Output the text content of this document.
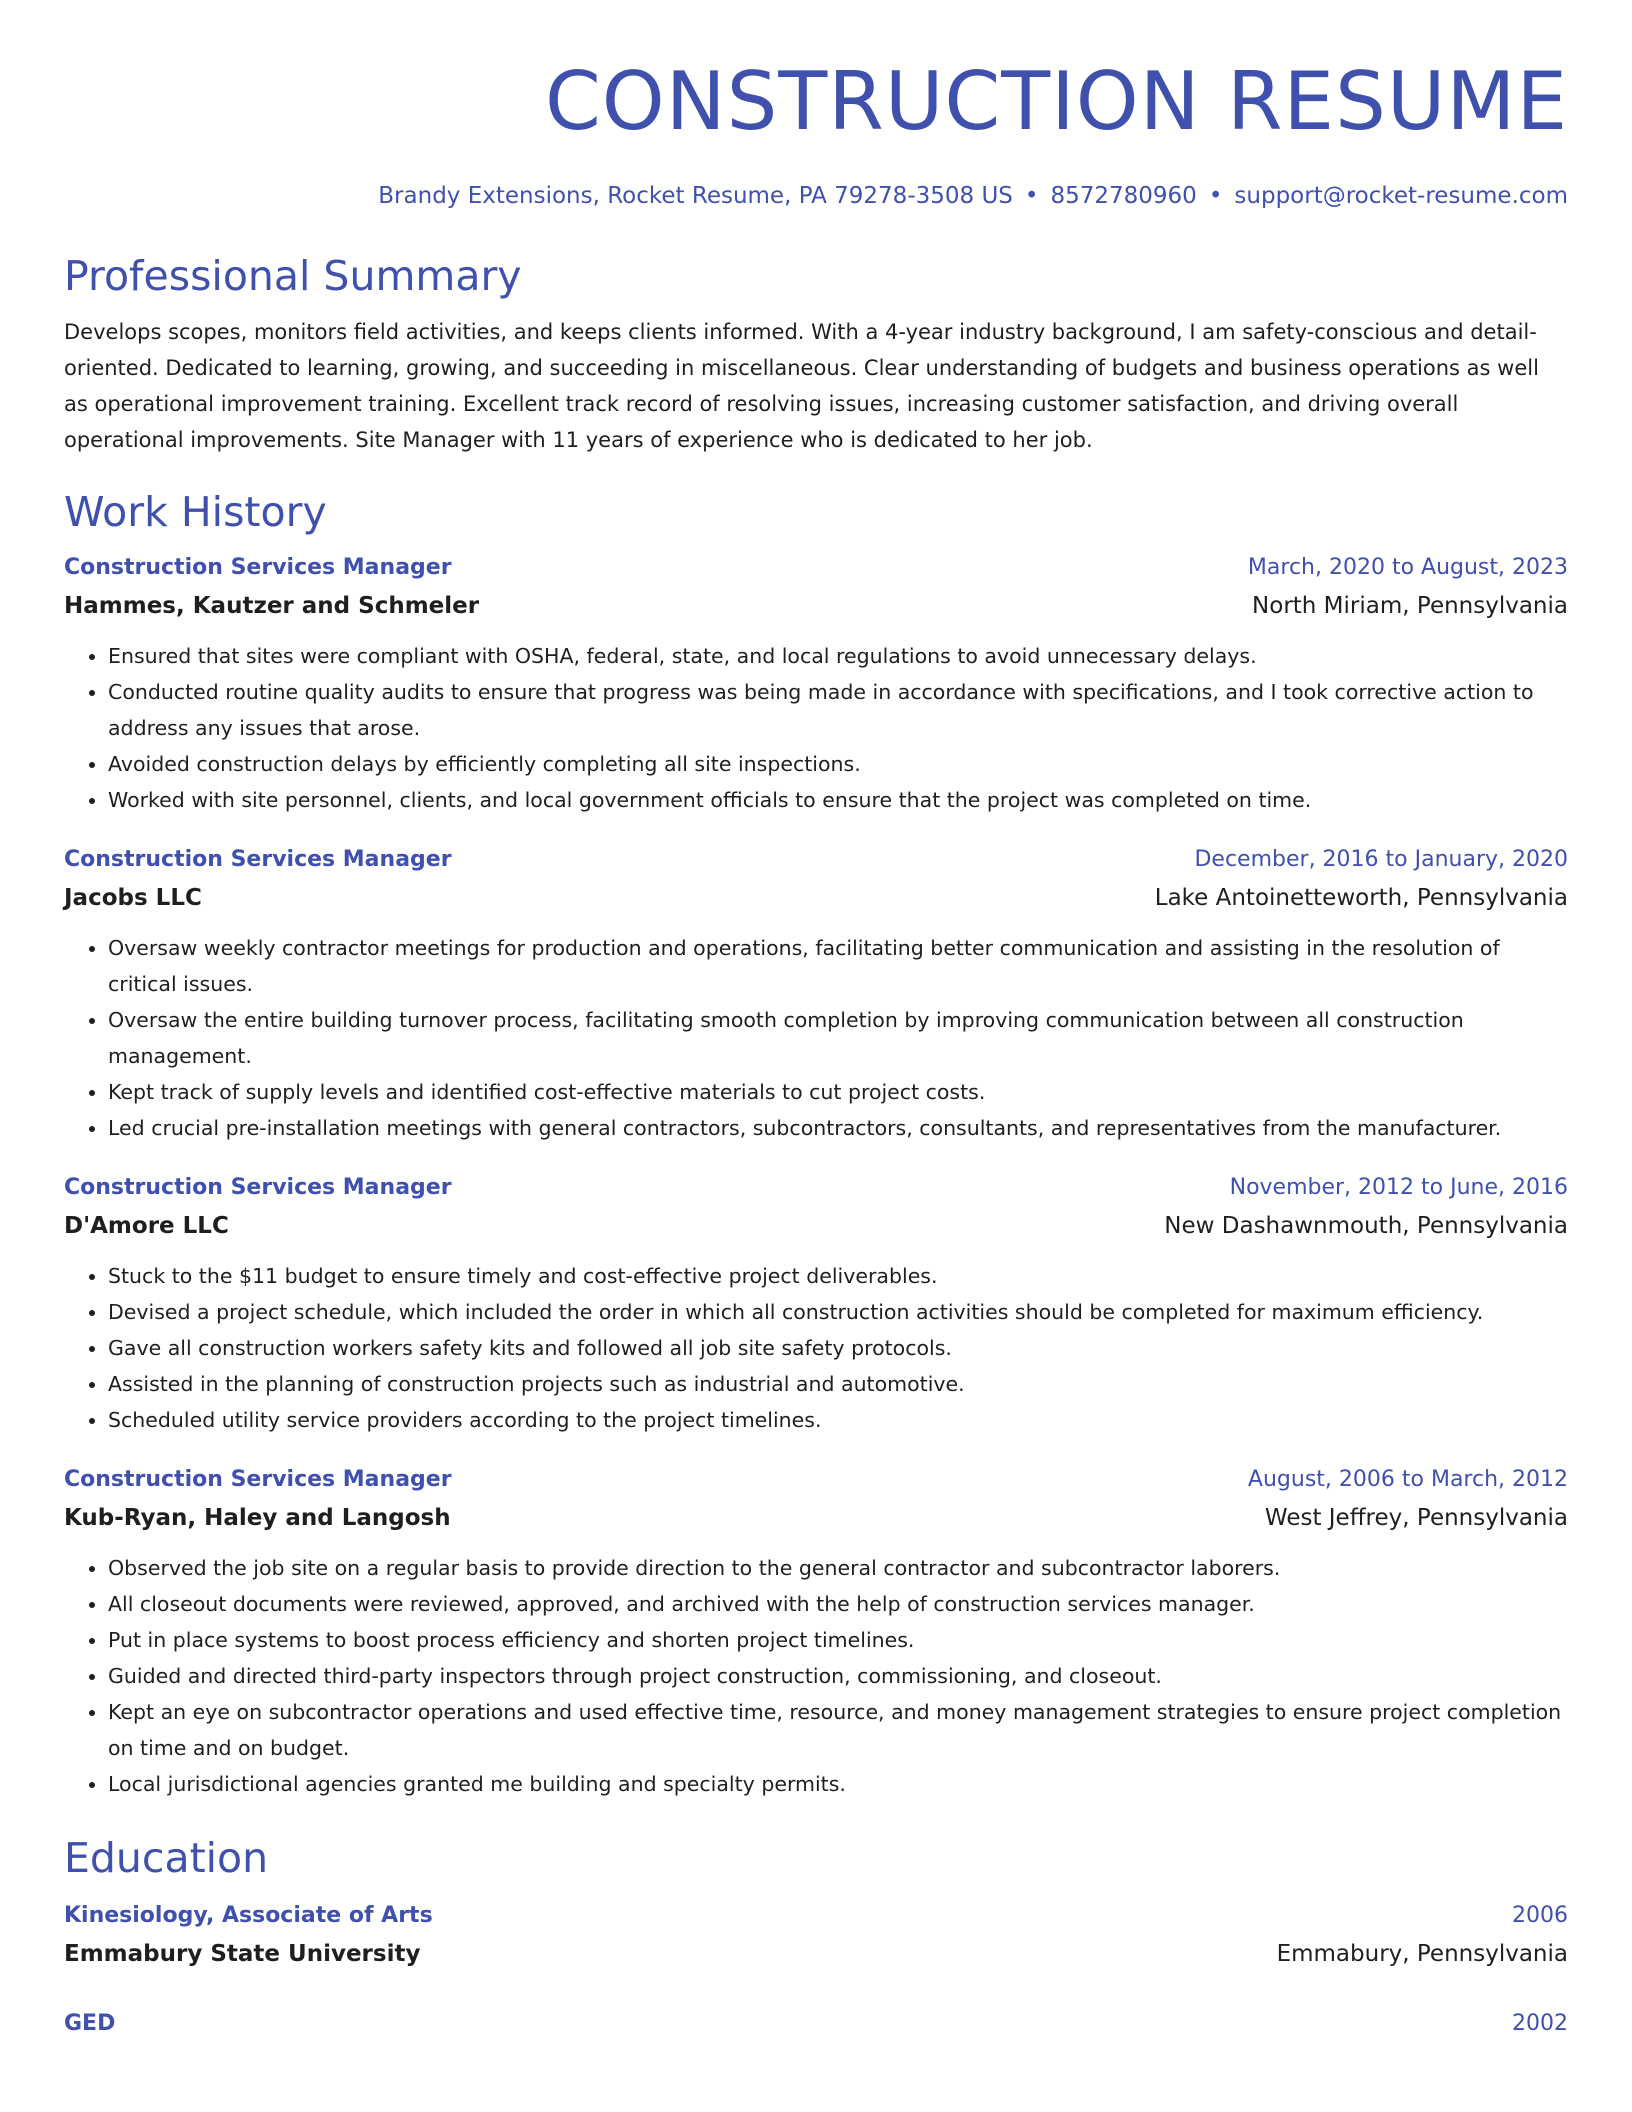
CONSTRUCTION RESUME
Brandy Extensions, Rocket Resume, PA 79278-3508 US • 8572780960 • support@rocket-resume.com
Professional Summary

Develops scopes, monitors field activities, and keeps clients informed. With a 4-year industry background, I am safety-conscious and detail-oriented. Dedicated to learning, growing, and succeeding in miscellaneous. Clear understanding of budgets and business operations as well as operational improvement training. Excellent track record of resolving issues, increasing customer satisfaction, and driving overall operational improvements. Site Manager with 11 years of experience who is dedicated to her job.

Work History
Construction Services Manager	March, 2020 to August, 2023
Hammes, Kautzer and Schmeler	North Miriam, Pennsylvania
• Ensured that sites were compliant with OSHA, federal, state, and local regulations to avoid unnecessary delays.
• Conducted routine quality audits to ensure that progress was being made in accordance with specifications, and I took corrective action to address any issues that arose.
• Avoided construction delays by efficiently completing all site inspections.
• Worked with site personnel, clients, and local government officials to ensure that the project was completed on time.
Construction Services Manager	December, 2016 to January, 2020
Jacobs LLC	Lake Antoinetteworth, Pennsylvania
• Oversaw weekly contractor meetings for production and operations, facilitating better communication and assisting in the resolution of critical issues.
• Oversaw the entire building turnover process, facilitating smooth completion by improving communication between all construction management.
• Kept track of supply levels and identified cost-effective materials to cut project costs.
• Led crucial pre-installation meetings with general contractors, subcontractors, consultants, and representatives from the manufacturer.
Construction Services Manager	November, 2012 to June, 2016
D'Amore LLC	New Dashawnmouth, Pennsylvania
• Stuck to the $11 budget to ensure timely and cost-effective project deliverables.
• Devised a project schedule, which included the order in which all construction activities should be completed for maximum efficiency.
• Gave all construction workers safety kits and followed all job site safety protocols.
• Assisted in the planning of construction projects such as industrial and automotive.
• Scheduled utility service providers according to the project timelines.
Construction Services Manager	August, 2006 to March, 2012
Kub-Ryan, Haley and Langosh	West Jeffrey, Pennsylvania
• Observed the job site on a regular basis to provide direction to the general contractor and subcontractor laborers.
• All closeout documents were reviewed, approved, and archived with the help of construction services manager.
• Put in place systems to boost process efficiency and shorten project timelines.
• Guided and directed third-party inspectors through project construction, commissioning, and closeout.
• Kept an eye on subcontractor operations and used effective time, resource, and money management strategies to ensure project completion on time and on budget.
• Local jurisdictional agencies granted me building and specialty permits.
Education
Kinesiology, Associate of Arts	2006
Emmabury State University	Emmabury, Pennsylvania
GED	2002
